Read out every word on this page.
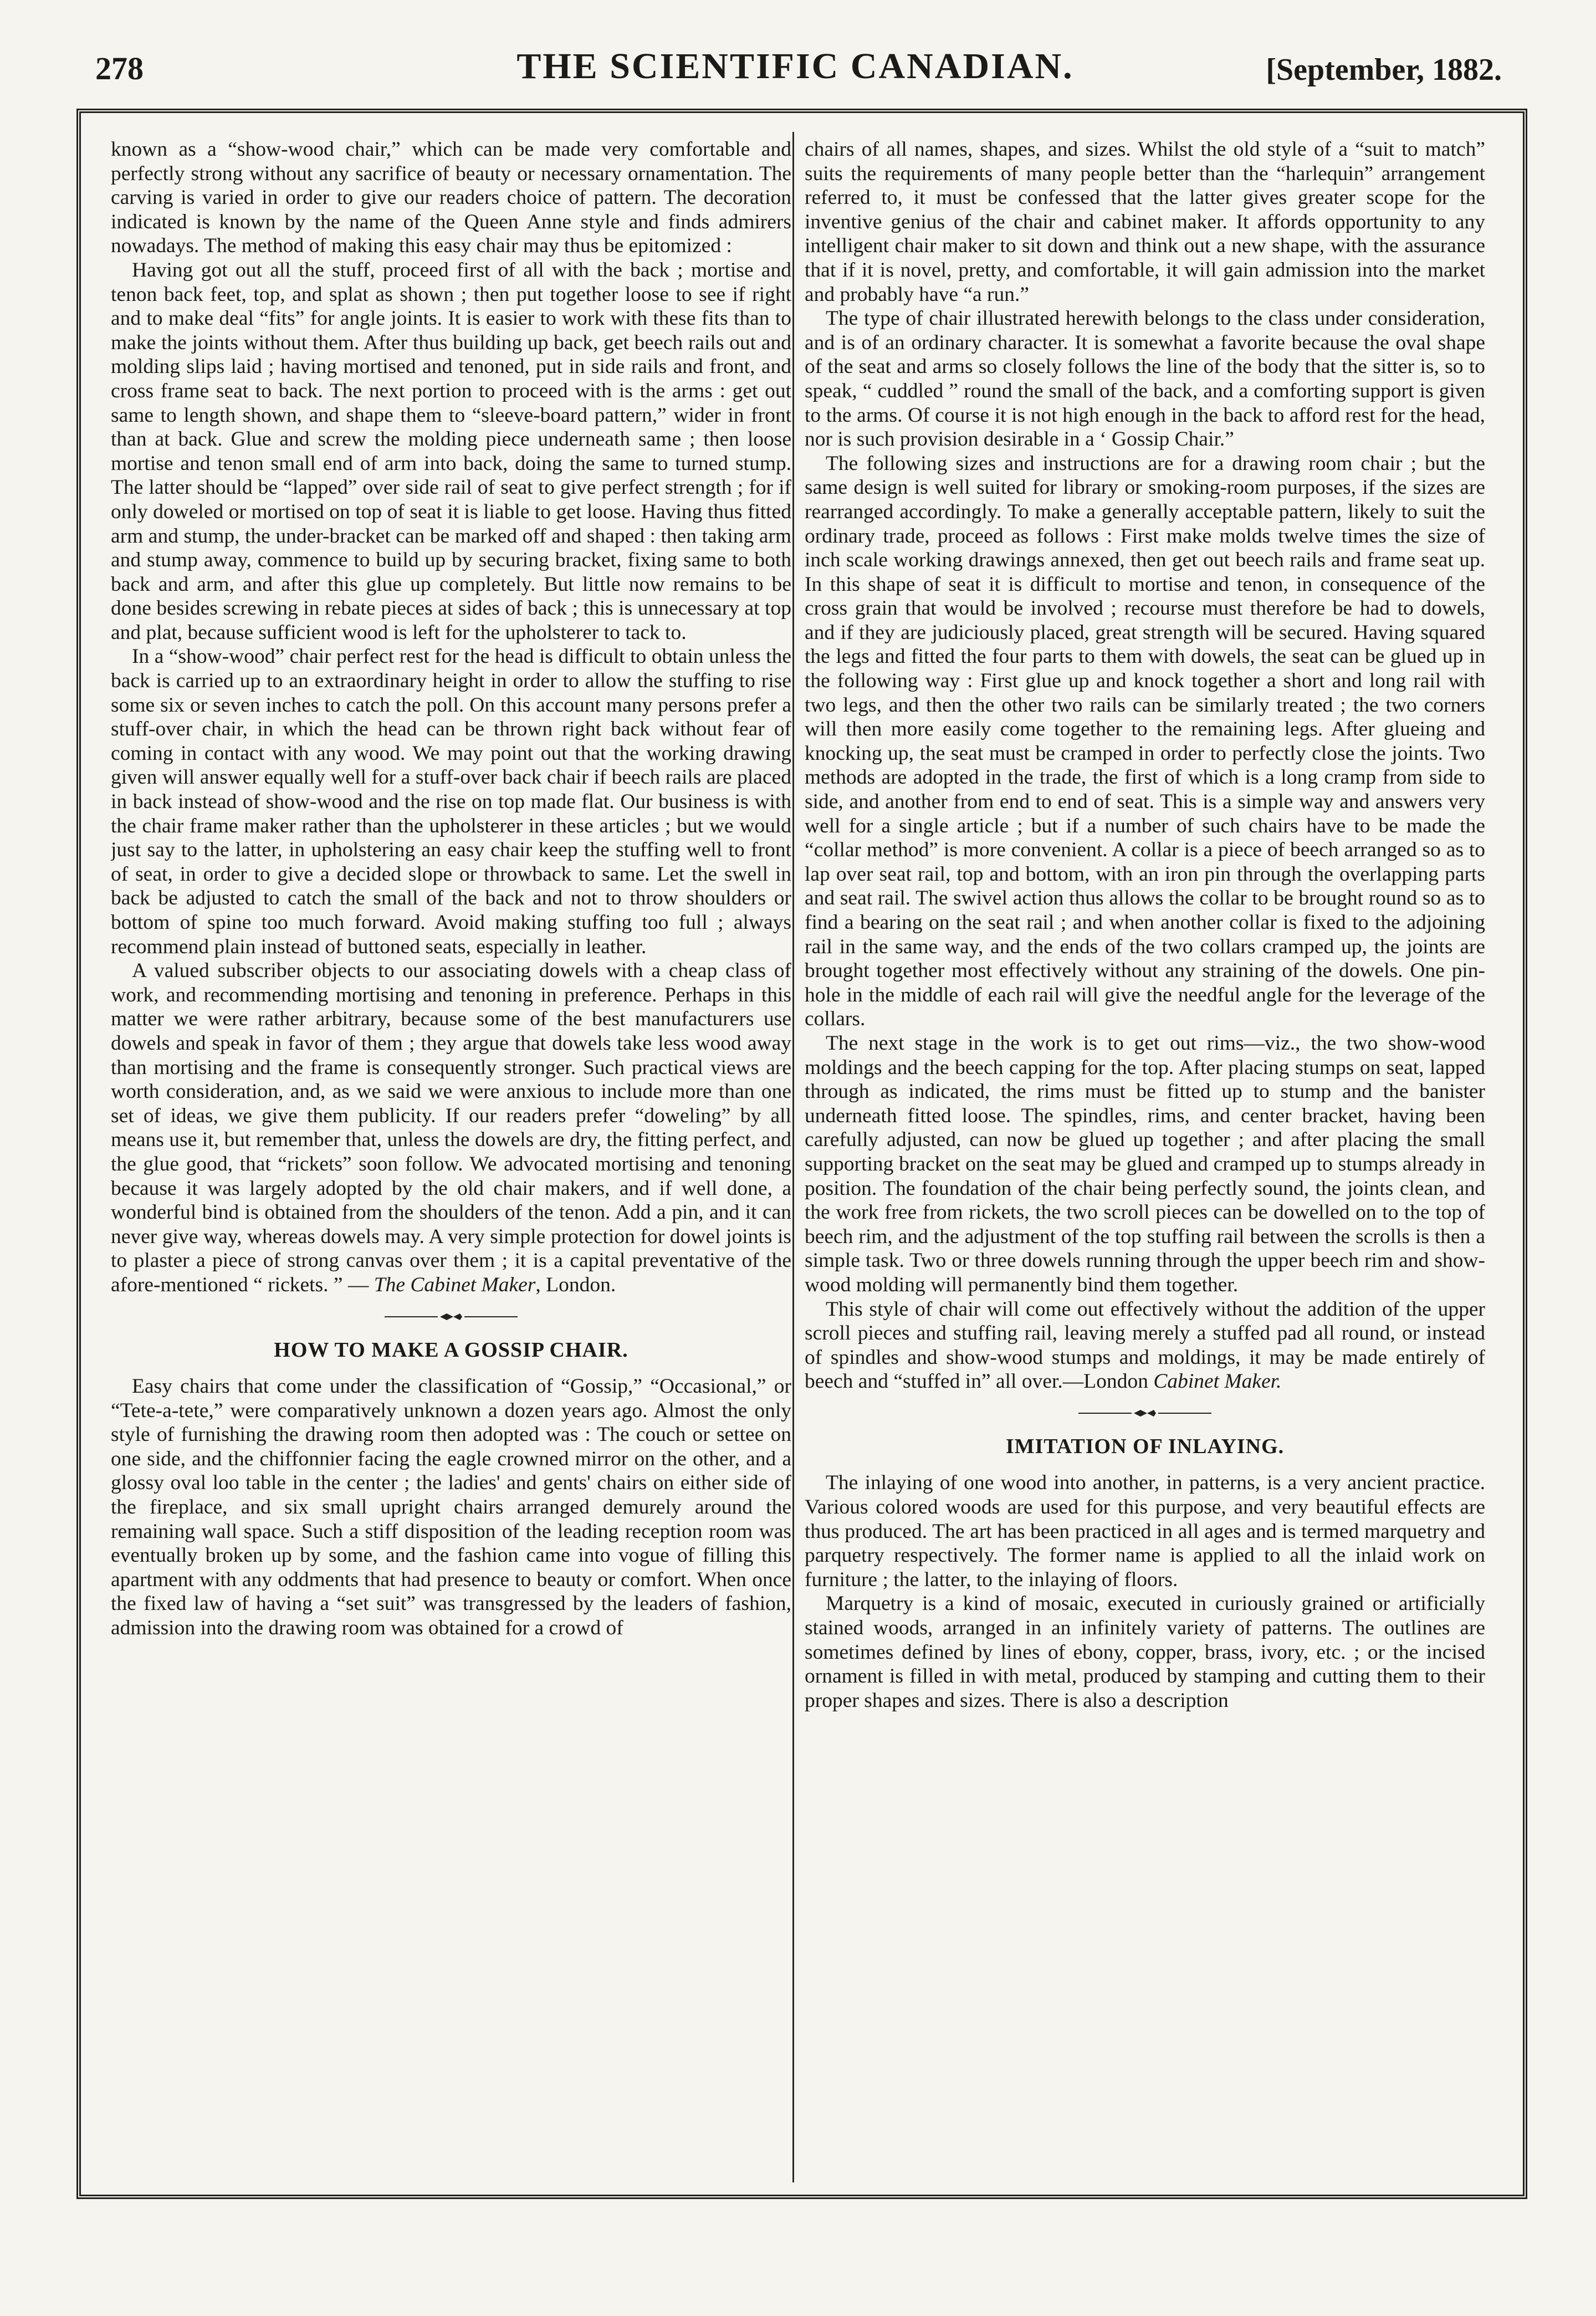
278	THE SCIENTIFIC CANADIAN.	[September, 1882.

known as a “show-wood chair,” which can be made very comfortable and perfectly strong without any sacrifice of beauty or necessary ornamentation. The carving is varied in order to give our readers choice of pattern. The decoration indicated is known by the name of the Queen Anne style and finds admirers nowadays. The method of making this easy chair may thus be epitomized :

Having got out all the stuff, proceed first of all with the back ; mortise and tenon back feet, top, and splat as shown ; then put together loose to see if right and to make deal “fits” for angle joints. It is easier to work with these fits than to make the joints without them. After thus building up back, get beech rails out and molding slips laid ; having mortised and tenoned, put in side rails and front, and cross frame seat to back. The next portion to proceed with is the arms : get out same to length shown, and shape them to “sleeve-board pattern,” wider in front than at back. Glue and screw the molding piece underneath same ; then loose mortise and tenon small end of arm into back, doing the same to turned stump. The latter should be “lapped” over side rail of seat to give perfect strength ; for if only doweled or mortised on top of seat it is liable to get loose. Having thus fitted arm and stump, the under-bracket can be marked off and shaped : then taking arm and stump away, commence to build up by securing bracket, fixing same to both back and arm, and after this glue up completely. But little now remains to be done besides screwing in rebate pieces at sides of back ; this is unnecessary at top and plat, because sufficient wood is left for the upholsterer to tack to.

In a “show-wood” chair perfect rest for the head is difficult to obtain unless the back is carried up to an extraordinary height in order to allow the stuffing to rise some six or seven inches to catch the poll. On this account many persons prefer a stuff-over chair, in which the head can be thrown right back without fear of coming in contact with any wood. We may point out that the working drawing given will answer equally well for a stuff-over back chair if beech rails are placed in back instead of show-wood and the rise on top made flat. Our business is with the chair frame maker rather than the upholsterer in these articles ; but we would just say to the latter, in upholstering an easy chair keep the stuffing well to front of seat, in order to give a decided slope or throwback to same. Let the swell in back be adjusted to catch the small of the back and not to throw shoulders or bottom of spine too much forward. Avoid making stuffing too full ; always recommend plain instead of buttoned seats, especially in leather.

A valued subscriber objects to our associating dowels with a cheap class of work, and recommending mortising and tenoning in preference. Perhaps in this matter we were rather arbitrary, because some of the best manufacturers use dowels and speak in favor of them ; they argue that dowels take less wood away than mortising and the frame is consequently stronger. Such practical views are worth consideration, and, as we said we were anxious to include more than one set of ideas, we give them publicity. If our readers prefer “doweling” by all means use it, but remember that, unless the dowels are dry, the fitting perfect, and the glue good, that “rickets” soon follow. We advocated mortising and tenoning because it was largely adopted by the old chair makers, and if well done, a wonderful bind is obtained from the shoulders of the tenon. Add a pin, and it can never give way, whereas dowels may. A very simple protection for dowel joints is to plaster a piece of strong canvas over them ; it is a capital preventative of the afore-mentioned “ rickets. ” — The Cabinet Maker, London.

HOW TO MAKE A GOSSIP CHAIR.

Easy chairs that come under the classification of “Gossip,” “Occasional,” or “Tete-a-tete,” were comparatively unknown a dozen years ago. Almost the only style of furnishing the drawing room then adopted was : The couch or settee on one side, and the chiffonnier facing the eagle crowned mirror on the other, and a glossy oval loo table in the center ; the ladies' and gents' chairs on either side of the fireplace, and six small upright chairs arranged demurely around the remaining wall space. Such a stiff disposition of the leading reception room was eventually broken up by some, and the fashion came into vogue of filling this apartment with any oddments that had presence to beauty or comfort. When once the fixed law of having a “set suit” was transgressed by the leaders of fashion, admission into the drawing room was obtained for a crowd of

chairs of all names, shapes, and sizes. Whilst the old style of a “suit to match” suits the requirements of many people better than the “harlequin” arrangement referred to, it must be confessed that the latter gives greater scope for the inventive genius of the chair and cabinet maker. It affords opportunity to any intelligent chair maker to sit down and think out a new shape, with the assurance that if it is novel, pretty, and comfortable, it will gain admission into the market and probably have “a run.”

The type of chair illustrated herewith belongs to the class under consideration, and is of an ordinary character. It is somewhat a favorite because the oval shape of the seat and arms so closely follows the line of the body that the sitter is, so to speak, “ cuddled ” round the small of the back, and a comforting support is given to the arms. Of course it is not high enough in the back to afford rest for the head, nor is such provision desirable in a ‘ Gossip Chair.”

The following sizes and instructions are for a drawing room chair ; but the same design is well suited for library or smoking-room purposes, if the sizes are rearranged accordingly. To make a generally acceptable pattern, likely to suit the ordinary trade, proceed as follows : First make molds twelve times the size of inch scale working drawings annexed, then get out beech rails and frame seat up. In this shape of seat it is difficult to mortise and tenon, in consequence of the cross grain that would be involved ; recourse must therefore be had to dowels, and if they are judiciously placed, great strength will be secured. Having squared the legs and fitted the four parts to them with dowels, the seat can be glued up in the following way : First glue up and knock together a short and long rail with two legs, and then the other two rails can be similarly treated ; the two corners will then more easily come together to the remaining legs. After glueing and knocking up, the seat must be cramped in order to perfectly close the joints. Two methods are adopted in the trade, the first of which is a long cramp from side to side, and another from end to end of seat. This is a simple way and answers very well for a single article ; but if a number of such chairs have to be made the “collar method” is more convenient. A collar is a piece of beech arranged so as to lap over seat rail, top and bottom, with an iron pin through the overlapping parts and seat rail. The swivel action thus allows the collar to be brought round so as to find a bearing on the seat rail ; and when another collar is fixed to the adjoining rail in the same way, and the ends of the two collars cramped up, the joints are brought together most effectively without any straining of the dowels. One pin-hole in the middle of each rail will give the needful angle for the leverage of the collars.

The next stage in the work is to get out rims—viz., the two show-wood moldings and the beech capping for the top. After placing stumps on seat, lapped through as indicated, the rims must be fitted up to stump and the banister underneath fitted loose. The spindles, rims, and center bracket, having been carefully adjusted, can now be glued up together ; and after placing the small supporting bracket on the seat may be glued and cramped up to stumps already in position. The foundation of the chair being perfectly sound, the joints clean, and the work free from rickets, the two scroll pieces can be dowelled on to the top of beech rim, and the adjustment of the top stuffing rail between the scrolls is then a simple task. Two or three dowels running through the upper beech rim and show-wood molding will permanently bind them together.

This style of chair will come out effectively without the addition of the upper scroll pieces and stuffing rail, leaving merely a stuffed pad all round, or instead of spindles and show-wood stumps and moldings, it may be made entirely of beech and “stuffed in” all over.—London Cabinet Maker.

IMITATION OF INLAYING.

The inlaying of one wood into another, in patterns, is a very ancient practice. Various colored woods are used for this purpose, and very beautiful effects are thus produced. The art has been practiced in all ages and is termed marquetry and parquetry respectively. The former name is applied to all the inlaid work on furniture ; the latter, to the inlaying of floors.

Marquetry is a kind of mosaic, executed in curiously grained or artificially stained woods, arranged in an infinitely variety of patterns. The outlines are sometimes defined by lines of ebony, copper, brass, ivory, etc. ; or the incised ornament is filled in with metal, produced by stamping and cutting them to their proper shapes and sizes. There is also a description
